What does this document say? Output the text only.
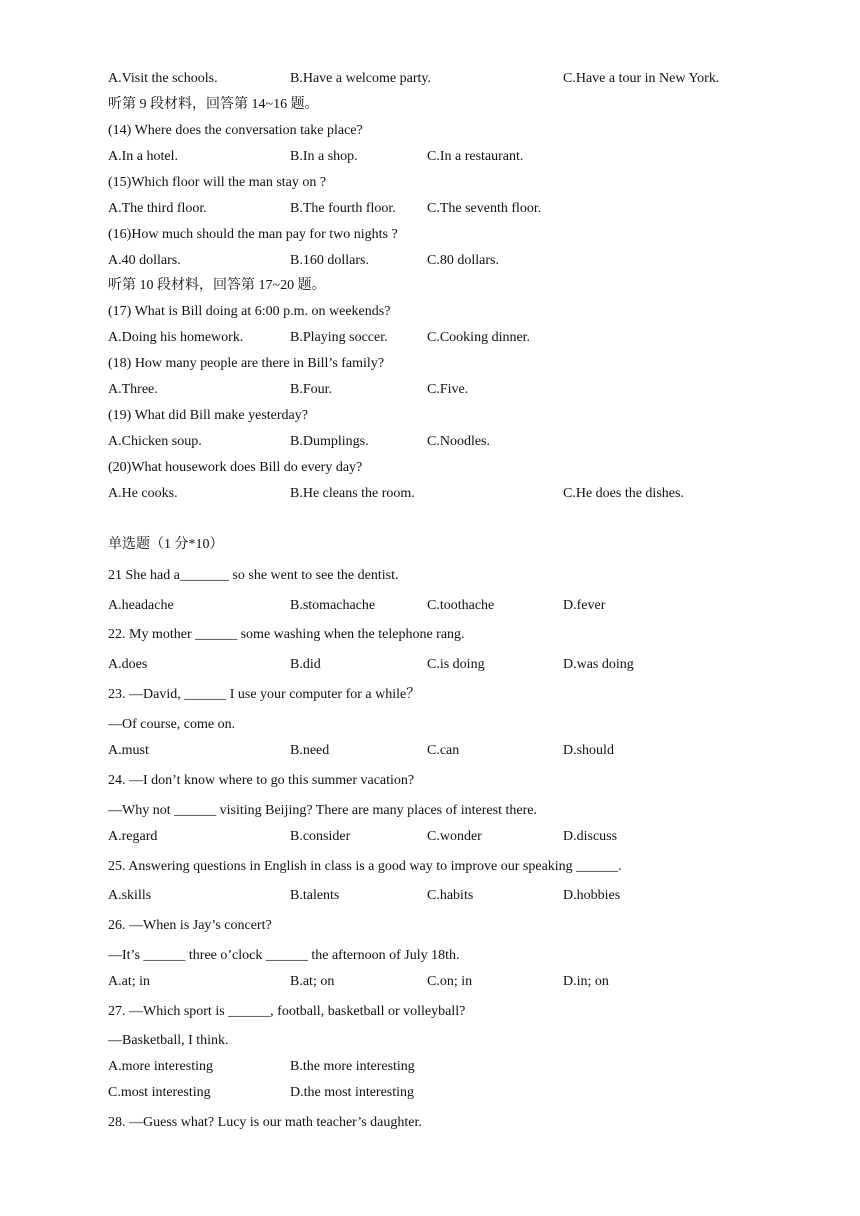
A.Visit the schools.	B.Have a welcome party.	C.Have a tour in New York.
听第 9 段材料，回答第 14~16 题。
(14) Where does the conversation take place?
A.In a hotel.	B.In a shop.	C.In a restaurant.
(15)Which floor will the man stay on ?
A.The third floor.	B.The fourth floor. C.The seventh floor.
(16)How much should the man pay for two nights ?
A.40 dollars.	B.160 dollars.	C.80 dollars.
听第 10 段材料，回答第 17~20 题。
(17) What is Bill doing at 6:00 p.m. on weekends?
A.Doing his homework.	B.Playing soccer.	C.Cooking dinner.
(18) How many people are there in Bill’s family?
A.Three.	B.Four.	C.Five.
(19) What did Bill make yesterday?
A.Chicken soup.	B.Dumplings.	C.Noodles.
(20)What housework does Bill do every day?
A.He cooks.	B.He cleans the room.	C.He does the dishes.
单选题（1 分*10）
21 She had a_______ so she went to see the dentist.
A.headache	B.stomachache	C.toothache	D.fever
22. My mother ______ some washing when the telephone rang.
A.does	B.did	C.is doing	D.was doing
23. —David, ______ I use your computer for a while？
—Of course, come on.
A.must	B.need	C.can	D.should
24. —I don’t know where to go this summer vacation?
—Why not ______ visiting Beijing? There are many places of interest there.
A.regard	B.consider	C.wonder	D.discuss
25. Answering questions in English in class is a good way to improve our speaking ______.
A.skills	B.talents	C.habits	D.hobbies
26. —When is Jay’s concert?
—It’s ______ three o’clock ______ the afternoon of July 18th.
A.at; in	B.at; on	C.on; in	D.in; on
27. —Which sport is ______, football, basketball or volleyball?
—Basketball, I think.
A.more interesting	B.the more interesting
C.most interesting	D.the most interesting
28. —Guess what? Lucy is our math teacher’s daughter.
